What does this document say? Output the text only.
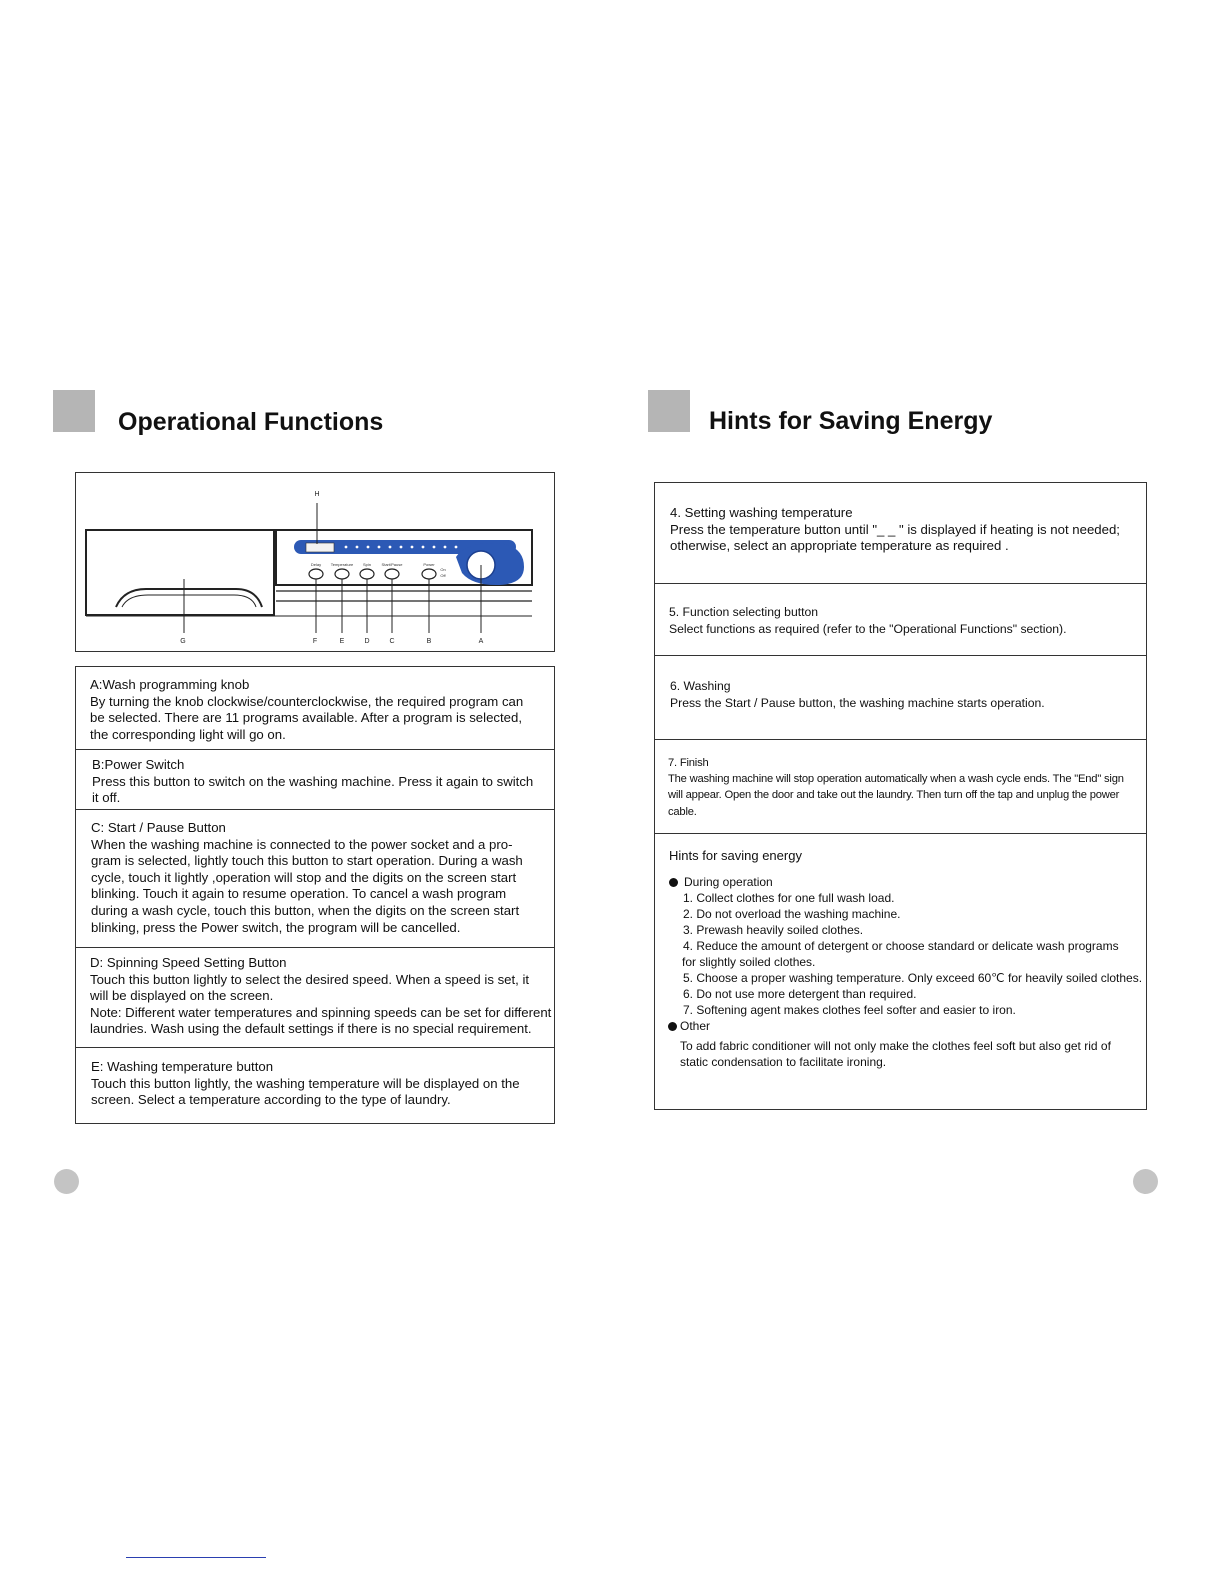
Operational Functions
Delay Temperature Spin	Start/Pause	Power
On
Off
H
G	F	E	D	C	B	A

A:Wash programming knob

By turning the knob clockwise/counterclockwise, the required program can

be selected. There are 11 programs available. After a program is selected,

the corresponding light will go on.

B:Power Switch

Press this button to switch on the washing machine. Press it again to switch

it off.

C: Start / Pause Button

When the washing machine is connected to the power socket and a pro-

gram is selected, lightly touch this button to start operation. During a wash

cycle, touch it lightly ,operation will stop and the digits on the screen start

blinking. Touch it again to resume operation. To cancel a wash program

during a wash cycle, touch this button, when the digits on the screen start

blinking, press the Power switch, the program will be cancelled.

D: Spinning Speed Setting Button

Touch this button lightly to select the desired speed. When a speed is set, it

will be displayed on the screen.

Note: Different water temperatures and spinning speeds can be set for different

laundries. Wash using the default settings if there is no special requirement.

E: Washing temperature button

Touch this button lightly, the washing temperature will be displayed on the

screen. Select a temperature according to the type of laundry.

Hints for Saving Energy

4. Setting washing temperature

Press the temperature button until "_ _ " is displayed if heating is not needed;

otherwise, select an appropriate temperature as required .

5. Function selecting button

Select functions as required (refer to the "Operational Functions" section).

6. Washing

Press the Start / Pause button, the washing machine starts operation.

7. Finish

The washing machine will stop operation automatically when a wash cycle ends. The "End" sign

will appear. Open the door and take out the laundry. Then turn off the tap and unplug the power cable.

Hints for saving energy

During operation

1. Collect clothes for one full wash load.

2. Do not overload the washing machine.

3. Prewash heavily soiled clothes.

4. Reduce the amount of detergent or choose standard or delicate wash programs

for slightly soiled clothes.

5. Choose a proper washing temperature. Only exceed 60℃ for heavily soiled clothes.

6. Do not use more detergent than required.

7. Softening agent makes clothes feel softer and easier to iron.

Other

To add fabric conditioner will not only make the clothes feel soft but also get rid of

static condensation to facilitate ironing.
